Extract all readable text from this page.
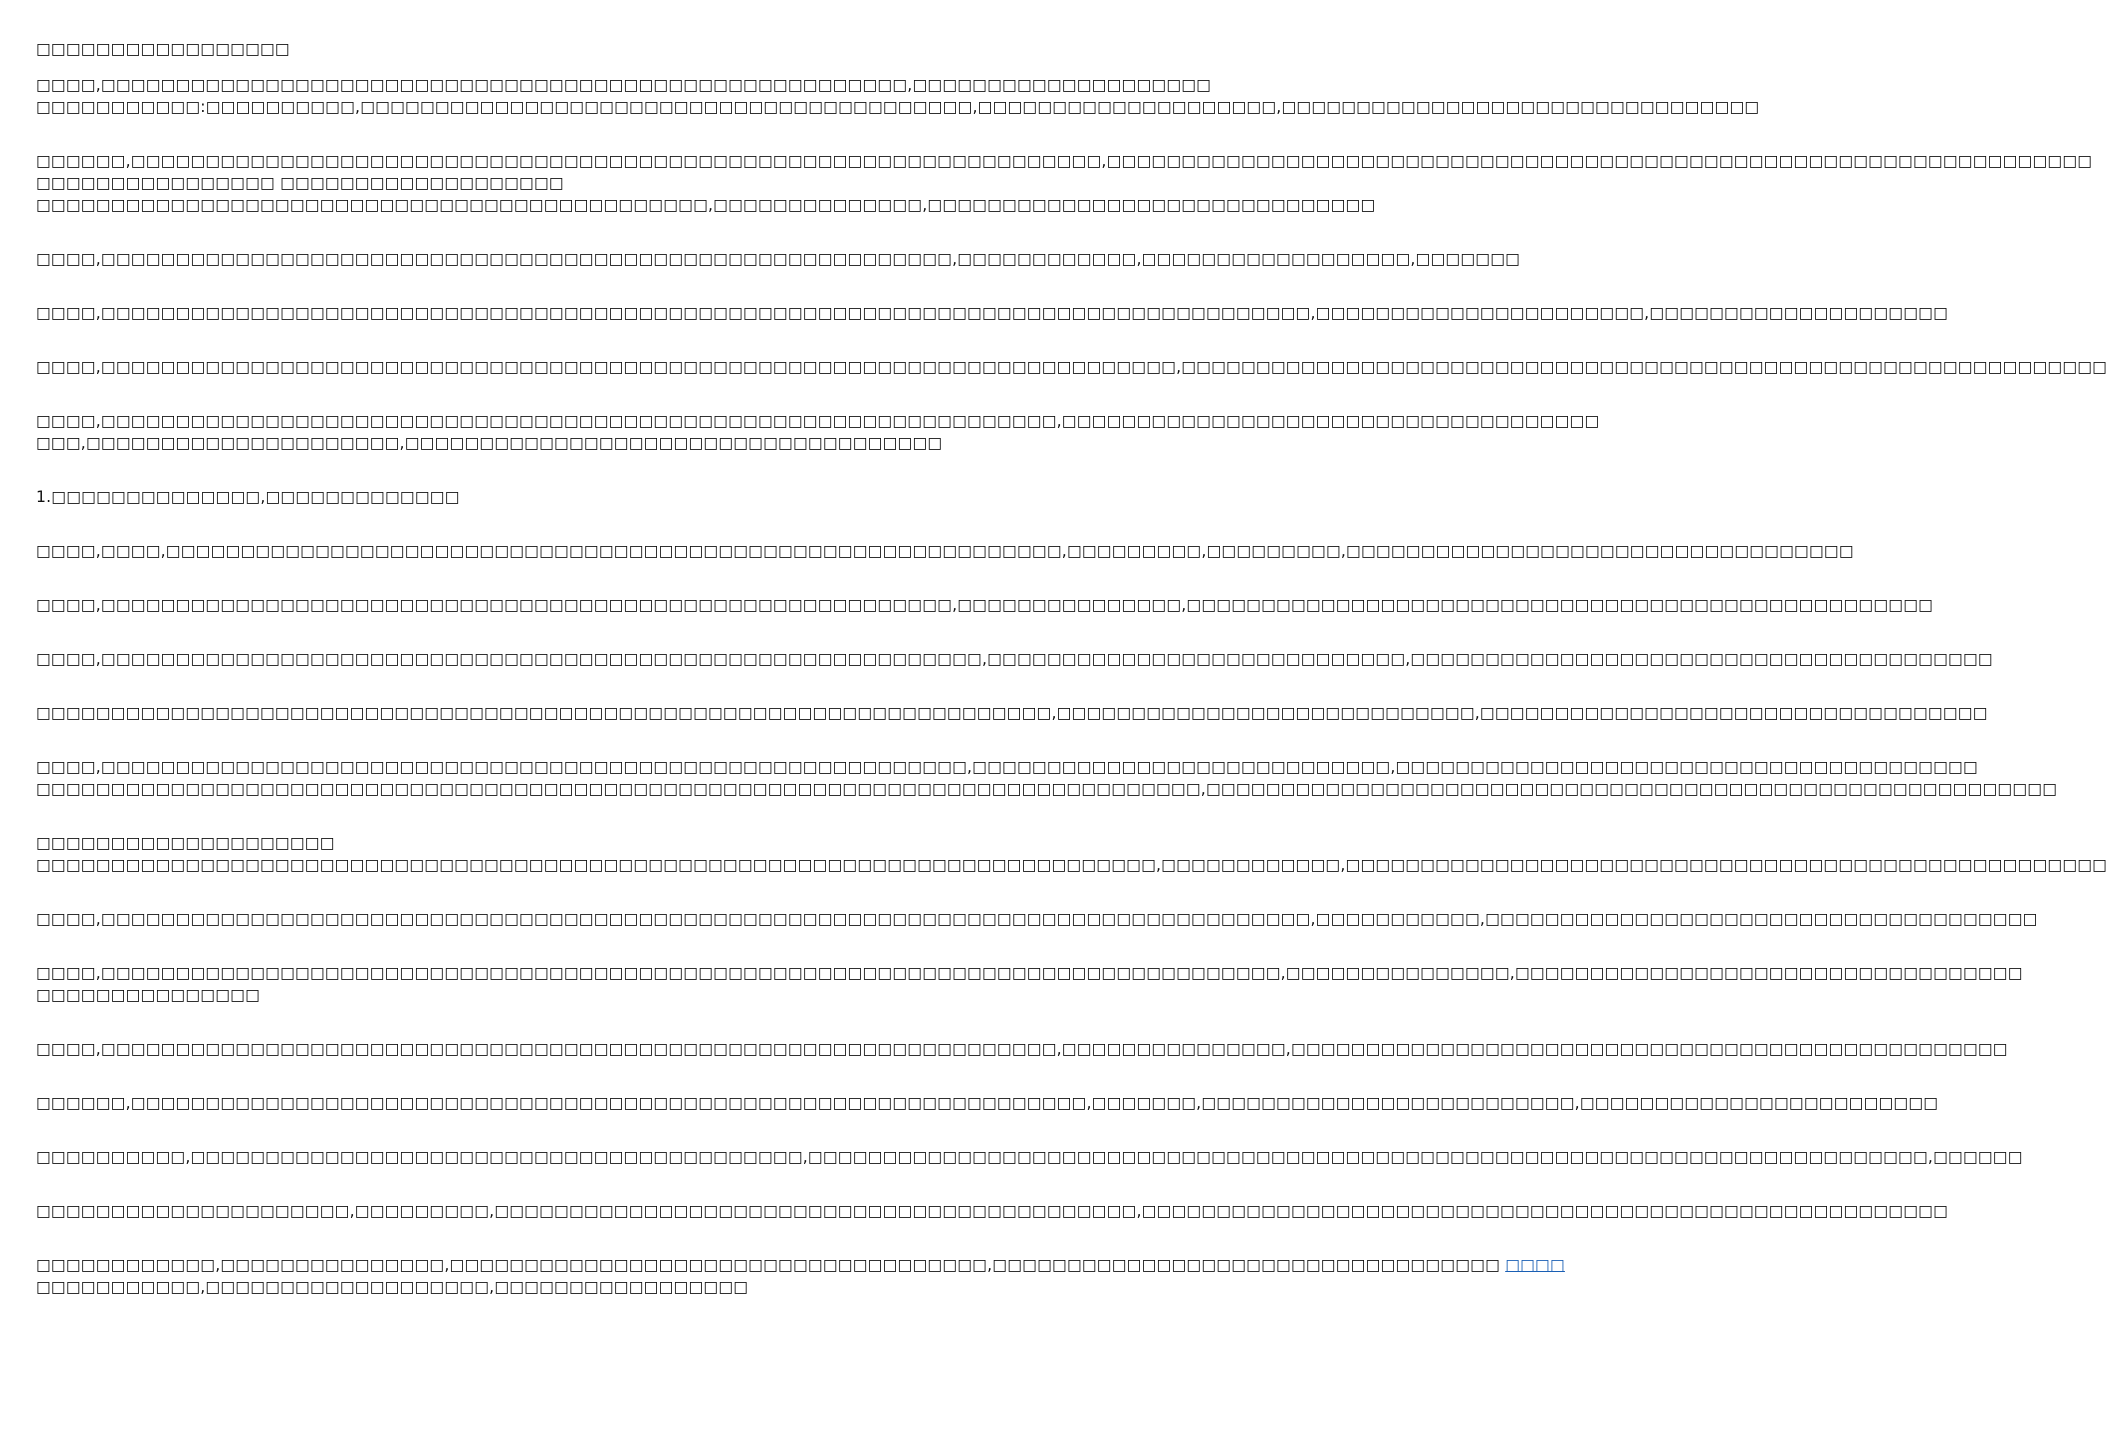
□□□□□□□□□□□□□□□□□

□□□□,□□□□□□□□□□□□□□□□□□□□□□□□□□□□□□□□□□□□□□□□□□□□□□□□□□□□□□,□□□□□□□□□□□□□□□□□□□□
□□□□□□□□□□□:□□□□□□□□□□,□□□□□□□□□□□□□□□□□□□□□□□□□□□□□□□□□□□□□□□□□,□□□□□□□□□□□□□□□□□□□□,□□□□□□□□□□□□□□□□□□□□□□□□□□□□□□□□

□□□□□□,□□□□□□□□□□□□□□□□□□□□□□□□□□□□□□□□□□□□□□□□□□□□□□□□□□□□□□□□□□□□□□□□□,□□□□□□□□□□□□□□□□□□□□□□□□□□□□□□□□□□□□□□□□□□□□□□□□□□□□□□□□□□□□□□□□□□
□□□□□□□□□□□□□□□□ □□□□□□□□□□□□□□□□□□□
□□□□□□□□□□□□□□□□□□□□□□□□□□□□□□□□□□□□□□□□□□□□□,□□□□□□□□□□□□□□,□□□□□□□□□□□□□□□□□□□□□□□□□□□□□□

□□□□,□□□□□□□□□□□□□□□□□□□□□□□□□□□□□□□□□□□□□□□□□□□□□□□□□□□□□□□□□,□□□□□□□□□□□□,□□□□□□□□□□□□□□□□□□,□□□□□□□

□□□□,□□□□□□□□□□□□□□□□□□□□□□□□□□□□□□□□□□□□□□□□□□□□□□□□□□□□□□□□□□□□□□□□□□□□□□□□□□□□□□□□□,□□□□□□□□□□□□□□□□□□□□□□,□□□□□□□□□□□□□□□□□□□□

□□□□,□□□□□□□□□□□□□□□□□□□□□□□□□□□□□□□□□□□□□□□□□□□□□□□□□□□□□□□□□□□□□□□□□□□□□□□□,□□□□□□□□□□□□□□□□□□□□□□□□□□□□□□□□□□□□□□□□□□□□□□□□□□□□□□□□□□□□□□

□□□□,□□□□□□□□□□□□□□□□□□□□□□□□□□□□□□□□□□□□□□□□□□□□□□□□□□□□□□□□□□□□□□□□,□□□□□□□□□□□□□□□□□□□□□□□□□□□□□□□□□□□□
□□□,□□□□□□□□□□□□□□□□□□□□□,□□□□□□□□□□□□□□□□□□□□□□□□□□□□□□□□□□□□

1.□□□□□□□□□□□□□□,□□□□□□□□□□□□□

□□□□,□□□□,□□□□□□□□□□□□□□□□□□□□□□□□□□□□□□□□□□□□□□□□□□□□□□□□□□□□□□□□□□□□,□□□□□□□□□,□□□□□□□□□,□□□□□□□□□□□□□□□□□□□□□□□□□□□□□□□□□□

□□□□,□□□□□□□□□□□□□□□□□□□□□□□□□□□□□□□□□□□□□□□□□□□□□□□□□□□□□□□□□,□□□□□□□□□□□□□□□,□□□□□□□□□□□□□□□□□□□□□□□□□□□□□□□□□□□□□□□□□□□□□□□□□□

□□□□,□□□□□□□□□□□□□□□□□□□□□□□□□□□□□□□□□□□□□□□□□□□□□□□□□□□□□□□□□□□,□□□□□□□□□□□□□□□□□□□□□□□□□□□□,□□□□□□□□□□□□□□□□□□□□□□□□□□□□□□□□□□□□□□□

□□□□□□□□□□□□□□□□□□□□□□□□□□□□□□□□□□□□□□□□□□□□□□□□□□□□□□□□□□□□□□□□□□□□,□□□□□□□□□□□□□□□□□□□□□□□□□□□□,□□□□□□□□□□□□□□□□□□□□□□□□□□□□□□□□□□

□□□□,□□□□□□□□□□□□□□□□□□□□□□□□□□□□□□□□□□□□□□□□□□□□□□□□□□□□□□□□□□,□□□□□□□□□□□□□□□□□□□□□□□□□□□□,□□□□□□□□□□□□□□□□□□□□□□□□□□□□□□□□□□□□□□□
□□□□□□□□□□□□□□□□□□□□□□□□□□□□□□□□□□□□□□□□□□□□□□□□□□□□□□□□□□□□□□□□□□□□□□□□□□□□□□,□□□□□□□□□□□□□□□□□□□□□□□□□□□□□□□□□□□□□□□□□□□□□□□□□□□□□□□□□

□□□□□□□□□□□□□□□□□□□□
□□□□□□□□□□□□□□□□□□□□□□□□□□□□□□□□□□□□□□□□□□□□□□□□□□□□□□□□□□□□□□□□□□□□□□□□□□□,□□□□□□□□□□□□,□□□□□□□□□□□□□□□□□□□□□□□□□□□□□□□□□□□□□□□□□□□□□□□□□□□

□□□□,□□□□□□□□□□□□□□□□□□□□□□□□□□□□□□□□□□□□□□□□□□□□□□□□□□□□□□□□□□□□□□□□□□□□□□□□□□□□□□□□□,□□□□□□□□□□□,□□□□□□□□□□□□□□□□□□□□□□□□□□□□□□□□□□□□□

□□□□,□□□□□□□□□□□□□□□□□□□□□□□□□□□□□□□□□□□□□□□□□□□□□□□□□□□□□□□□□□□□□□□□□□□□□□□□□□□□□□□,□□□□□□□□□□□□□□□,□□□□□□□□□□□□□□□□□□□□□□□□□□□□□□□□□□
□□□□□□□□□□□□□□□

□□□□,□□□□□□□□□□□□□□□□□□□□□□□□□□□□□□□□□□□□□□□□□□□□□□□□□□□□□□□□□□□□□□□□,□□□□□□□□□□□□□□□,□□□□□□□□□□□□□□□□□□□□□□□□□□□□□□□□□□□□□□□□□□□□□□□□

□□□□□□,□□□□□□□□□□□□□□□□□□□□□□□□□□□□□□□□□□□□□□□□□□□□□□□□□□□□□□□□□□□□□□□□,□□□□□□□,□□□□□□□□□□□□□□□□□□□□□□□□□,□□□□□□□□□□□□□□□□□□□□□□□□

□□□□□□□□□□,□□□□□□□□□□□□□□□□□□□□□□□□□□□□□□□□□□□□□□□□□,□□□□□□□□□□□□□□□□□□□□□□□□□□□□□□□□□□□□□□□□□□□□□□□□□□□□□□□□□□□□□□□□□□□□□□□□□□□,□□□□□□

□□□□□□□□□□□□□□□□□□□□□,□□□□□□□□□,□□□□□□□□□□□□□□□□□□□□□□□□□□□□□□□□□□□□□□□□□□□,□□□□□□□□□□□□□□□□□□□□□□□□□□□□□□□□□□□□□□□□□□□□□□□□□□□□□□

□□□□□□□□□□□□,□□□□□□□□□□□□□□□,□□□□□□□□□□□□□□□□□□□□□□□□□□□□□□□□□□□□,□□□□□□□□□□□□□□□□□□□□□□□□□□□□□□□□□□ □□□□
□□□□□□□□□□□,□□□□□□□□□□□□□□□□□□□,□□□□□□□□□□□□□□□□□
